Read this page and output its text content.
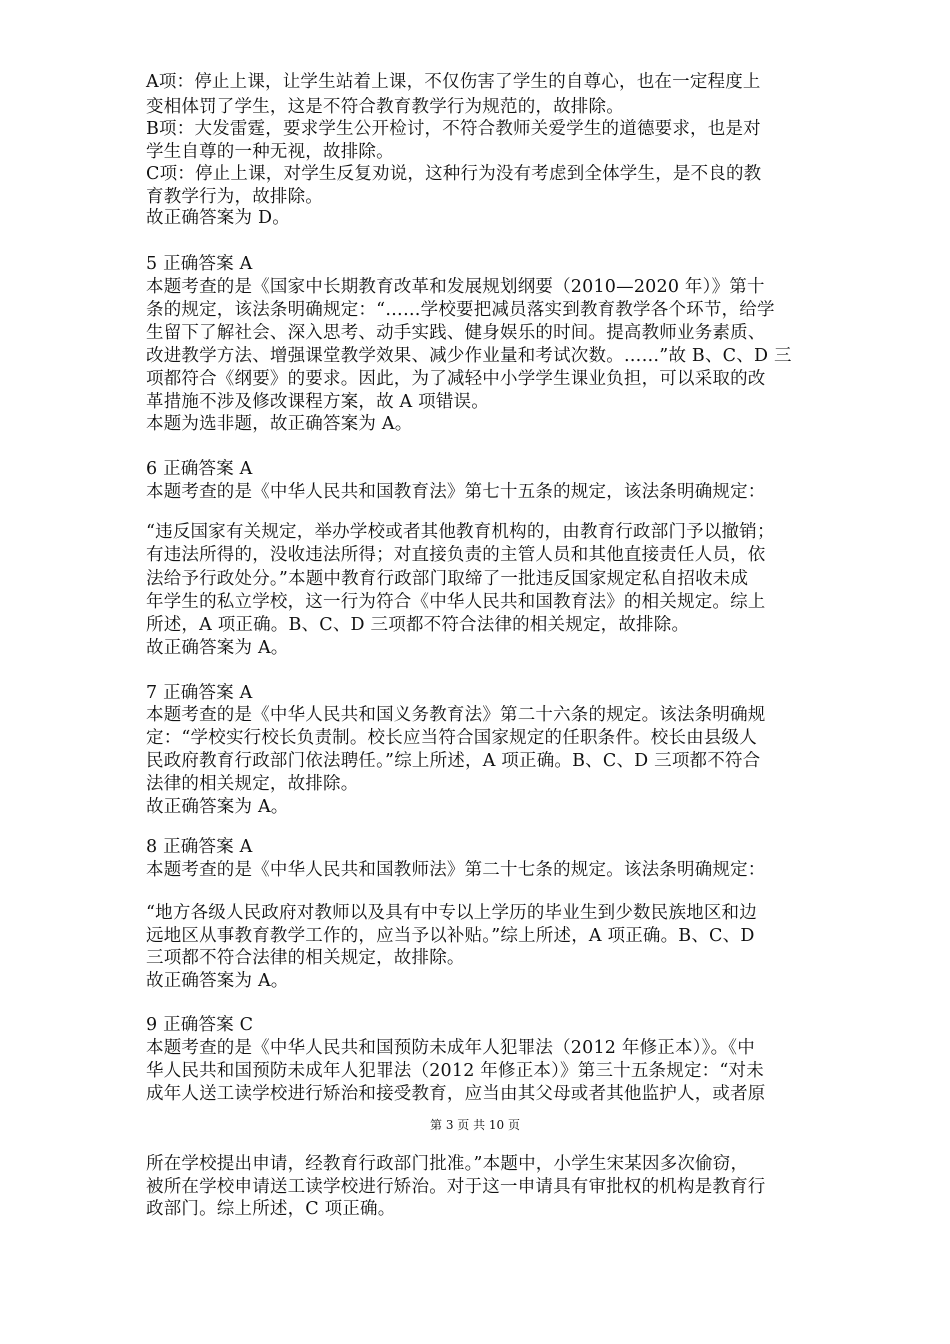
A项：停止上课，让学生站着上课，不仅伤害了学生的自尊心，也在一定程度上
变相体罚了学生，这是不符合教育教学行为规范的，故排除。
B项：大发雷霆，要求学生公开检讨，不符合教师关爱学生的道德要求，也是对
学生自尊的一种无视，故排除。
C项：停止上课，对学生反复劝说，这种行为没有考虑到全体学生，是不良的教
育教学行为，故排除。
故正确答案为 D。
5 正确答案 A
本题考查的是《国家中长期教育改革和发展规划纲要（2010—2020 年）》第十
条的规定，该法条明确规定：“……学校要把减员落实到教育教学各个环节，给学
生留下了解社会、深入思考、动手实践、健身娱乐的时间。提高教师业务素质、
改进教学方法、增强课堂教学效果、减少作业量和考试次数。……”故 B、C、D 三
项都符合《纲要》的要求。因此，为了减轻中小学学生课业负担，可以采取的改
革措施不涉及修改课程方案，故 A 项错误。
本题为选非题，故正确答案为 A。
6 正确答案 A
本题考查的是《中华人民共和国教育法》第七十五条的规定，该法条明确规定：
“违反国家有关规定，举办学校或者其他教育机构的，由教育行政部门予以撤销；
有违法所得的，没收违法所得；对直接负责的主管人员和其他直接责任人员，依
法给予行政处分。”本题中教育行政部门取缔了一批违反国家规定私自招收未成
年学生的私立学校，这一行为符合《中华人民共和国教育法》的相关规定。综上
所述，A 项正确。B、C、D 三项都不符合法律的相关规定，故排除。
故正确答案为 A。
7 正确答案 A
本题考查的是《中华人民共和国义务教育法》第二十六条的规定。该法条明确规
定：“学校实行校长负责制。校长应当符合国家规定的任职条件。校长由县级人
民政府教育行政部门依法聘任。”综上所述，A 项正确。B、C、D 三项都不符合
法律的相关规定，故排除。
故正确答案为 A。
8 正确答案 A
本题考查的是《中华人民共和国教师法》第二十七条的规定。该法条明确规定：
“地方各级人民政府对教师以及具有中专以上学历的毕业生到少数民族地区和边
远地区从事教育教学工作的，应当予以补贴。”综上所述，A 项正确。B、C、D
三项都不符合法律的相关规定，故排除。
故正确答案为 A。
9 正确答案 C
本题考查的是《中华人民共和国预防未成年人犯罪法（2012 年修正本）》。《中
华人民共和国预防未成年人犯罪法（2012 年修正本）》第三十五条规定：“对未
成年人送工读学校进行矫治和接受教育，应当由其父母或者其他监护人，或者原
第 3 页 共 10 页
所在学校提出申请，经教育行政部门批准。”本题中，小学生宋某因多次偷窃，
被所在学校申请送工读学校进行矫治。对于这一申请具有审批权的机构是教育行
政部门。综上所述，C 项正确。
